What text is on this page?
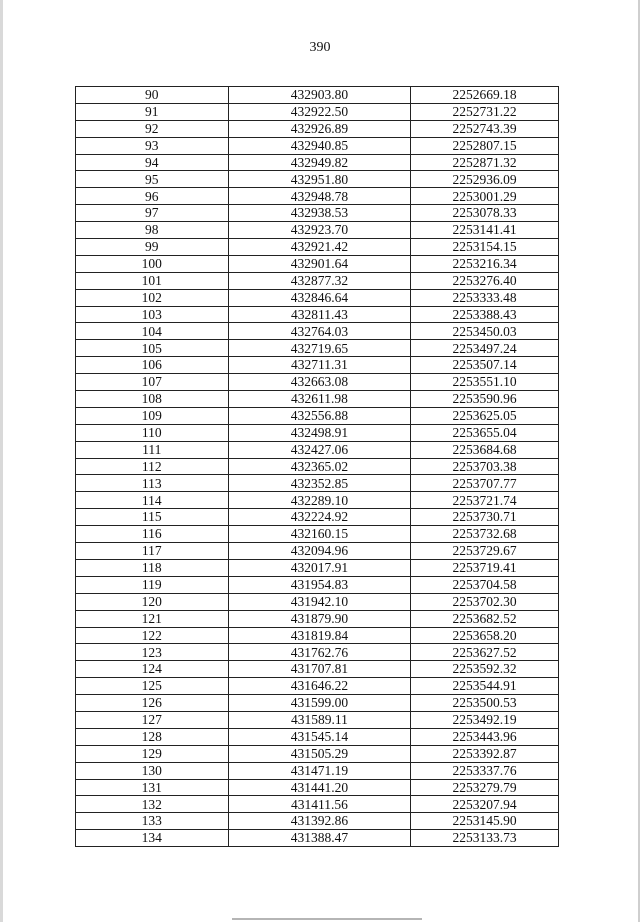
390
90	432903.80	2252669.18
91	432922.50	2252731.22
92	432926.89	2252743.39
93	432940.85	2252807.15
94	432949.82	2252871.32
95	432951.80	2252936.09
96	432948.78	2253001.29
97	432938.53	2253078.33
98	432923.70	2253141.41
99	432921.42	2253154.15
100	432901.64	2253216.34
101	432877.32	2253276.40
102	432846.64	2253333.48
103	432811.43	2253388.43
104	432764.03	2253450.03
105	432719.65	2253497.24
106	432711.31	2253507.14
107	432663.08	2253551.10
108	432611.98	2253590.96
109	432556.88	2253625.05
110	432498.91	2253655.04
111	432427.06	2253684.68
112	432365.02	2253703.38
113	432352.85	2253707.77
114	432289.10	2253721.74
115	432224.92	2253730.71
116	432160.15	2253732.68
117	432094.96	2253729.67
118	432017.91	2253719.41
119	431954.83	2253704.58
120	431942.10	2253702.30
121	431879.90	2253682.52
122	431819.84	2253658.20
123	431762.76	2253627.52
124	431707.81	2253592.32
125	431646.22	2253544.91
126	431599.00	2253500.53
127	431589.11	2253492.19
128	431545.14	2253443.96
129	431505.29	2253392.87
130	431471.19	2253337.76
131	431441.20	2253279.79
132	431411.56	2253207.94
133	431392.86	2253145.90
134	431388.47	2253133.73
